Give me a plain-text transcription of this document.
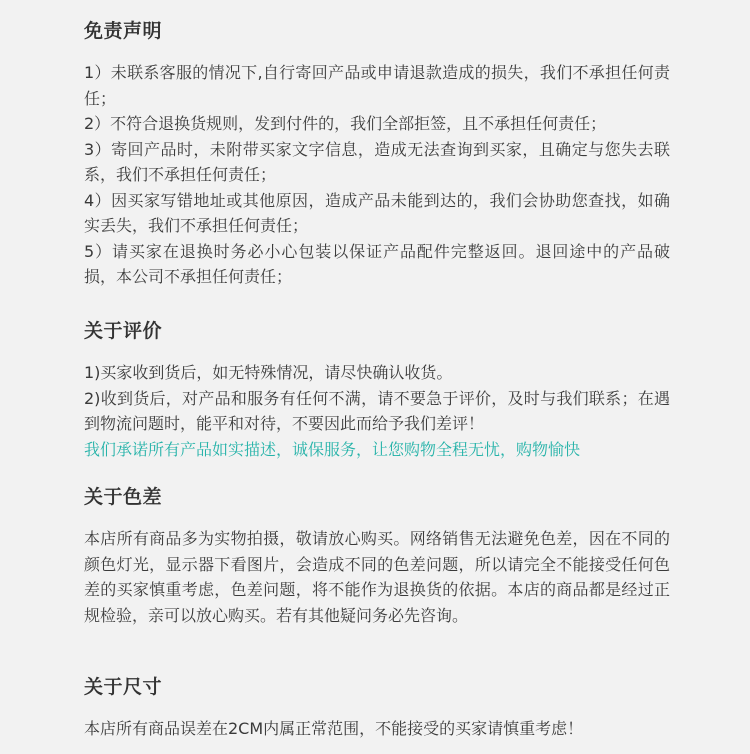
免责声明

1）未联系客服的情况下,自行寄回产品或申请退款造成的损失，我们不承担任何责任；

2）不符合退换货规则，发到付件的，我们全部拒签，且不承担任何责任；

3）寄回产品时，未附带买家文字信息，造成无法查询到买家，且确定与您失去联系，我们不承担任何责任；

4）因买家写错地址或其他原因，造成产品未能到达的，我们会协助您查找，如确实丢失，我们不承担任何责任；

5）请买家在退换时务必小心包装以保证产品配件完整返回。退回途中的产品破损，本公司不承担任何责任；

关于评价

1)买家收到货后，如无特殊情况，请尽快确认收货。

2)收到货后，对产品和服务有任何不满，请不要急于评价，及时与我们联系；在遇到物流问题时，能平和对待，不要因此而给予我们差评！

我们承诺所有产品如实描述，诚保服务，让您购物全程无忧，购物愉快

关于色差

本店所有商品多为实物拍摄，敬请放心购买。网络销售无法避免色差，因在不同的颜色灯光，显示器下看图片，会造成不同的色差问题，所以请完全不能接受任何色差的买家慎重考虑，色差问题，将不能作为退换货的依据。本店的商品都是经过正规检验，亲可以放心购买。若有其他疑问务必先咨询。

关于尺寸

本店所有商品误差在2CM内属正常范围，不能接受的买家请慎重考虑！
